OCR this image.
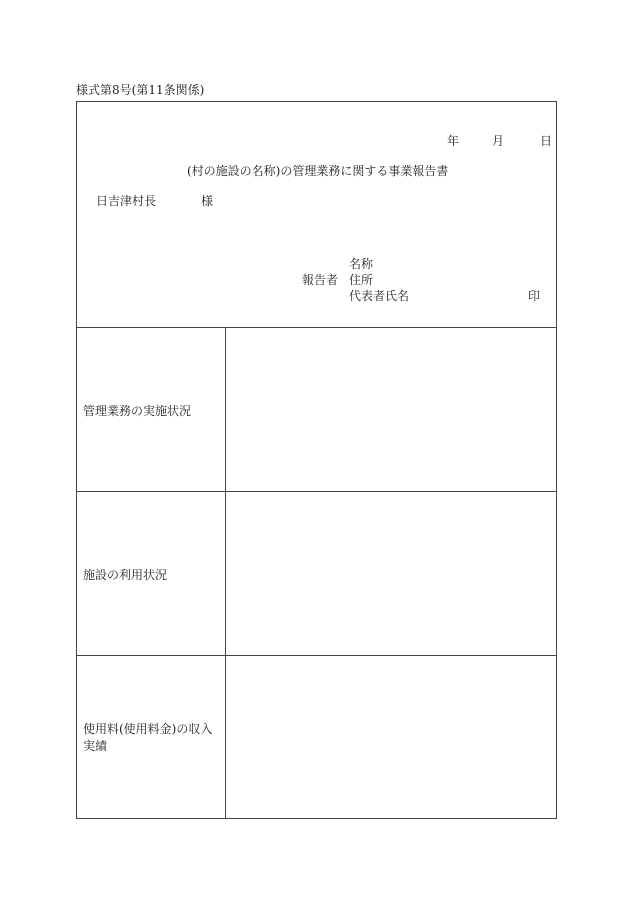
様式第8号(第11条関係)
年	月	日
(村の施設の名称)の管理業務に関する事業報告書
日吉津村長	様
名称
報告者 住所
代表者氏名	印
管理業務の実施状況
施設の利用状況
使用料(使用料金)の収入
実績
